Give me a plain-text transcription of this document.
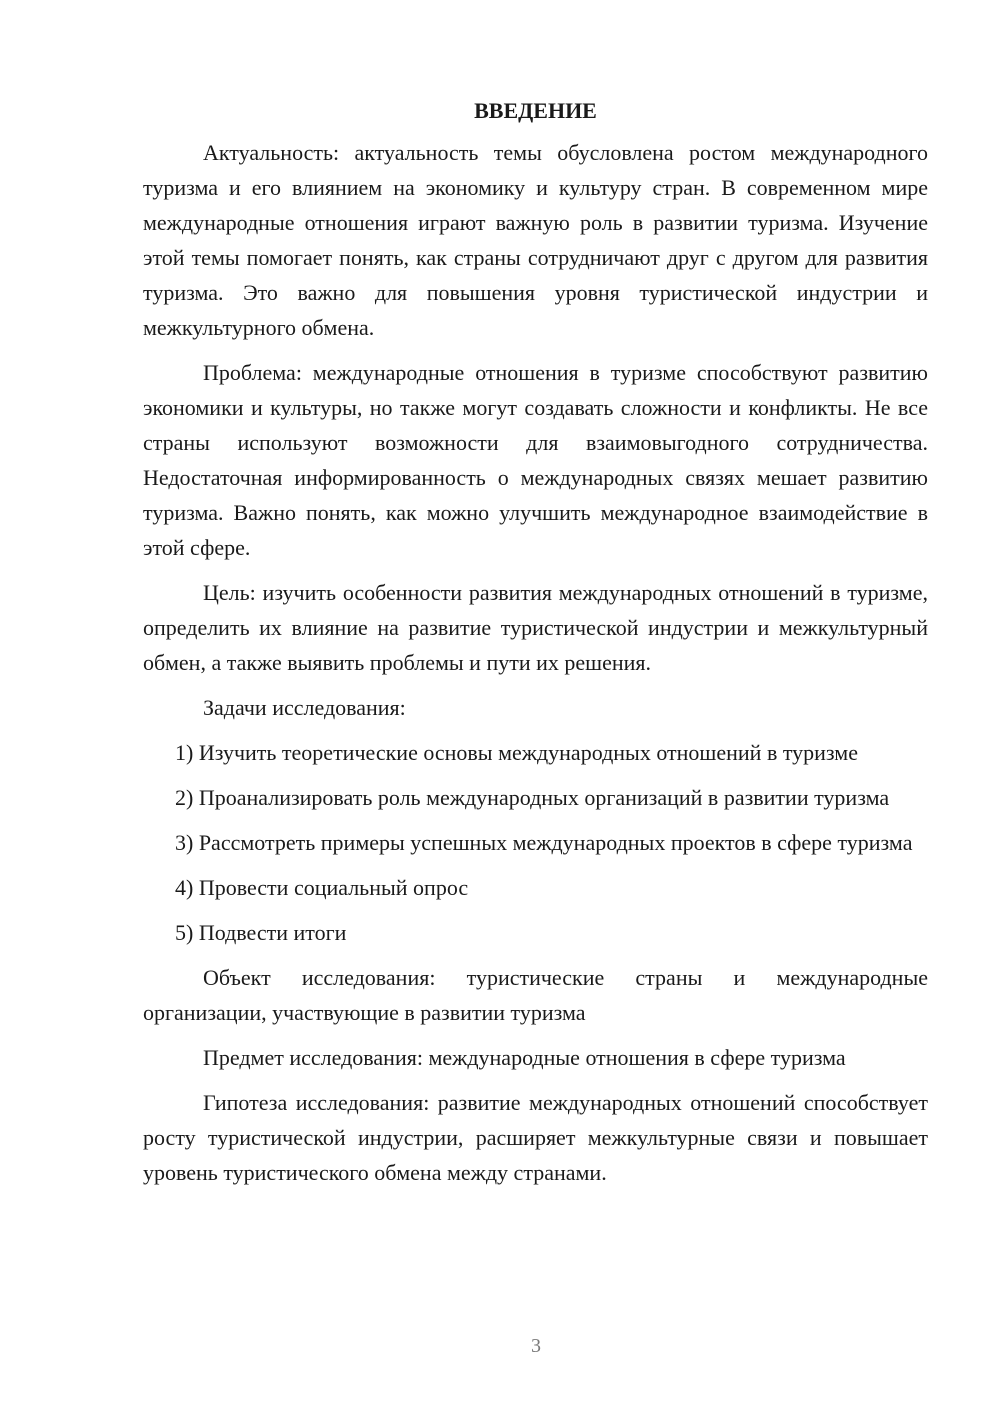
ВВЕДЕНИЕ

Актуальность: актуальность темы обусловлена ростом международного туризма и его влиянием на экономику и культуру стран. В современном мире международные отношения играют важную роль в развитии туризма. Изучение этой темы помогает понять, как страны сотрудничают друг с другом для развития туризма. Это важно для повышения уровня туристической индустрии и межкультурного обмена.

Проблема: международные отношения в туризме способствуют развитию экономики и культуры, но также могут создавать сложности и конфликты. Не все страны используют возможности для взаимовыгодного сотрудничества. Недостаточная информированность о международных связях мешает развитию туризма. Важно понять, как можно улучшить международное взаимодействие в этой сфере.

Цель: изучить особенности развития международных отношений в туризме, определить их влияние на развитие туристической индустрии и межкультурный обмен, а также выявить проблемы и пути их решения.

Задачи исследования:

1) Изучить теоретические основы международных отношений в туризме

2) Проанализировать роль международных организаций в развитии туризма

3) Рассмотреть примеры успешных международных проектов в сфере туризма

4) Провести социальный опрос

5) Подвести итоги

Объект исследования: туристические страны и международные организации, участвующие в развитии туризма

Предмет исследования: международные отношения в сфере туризма

Гипотеза исследования: развитие международных отношений способствует росту туристической индустрии, расширяет межкультурные связи и повышает уровень туристического обмена между странами.

3
